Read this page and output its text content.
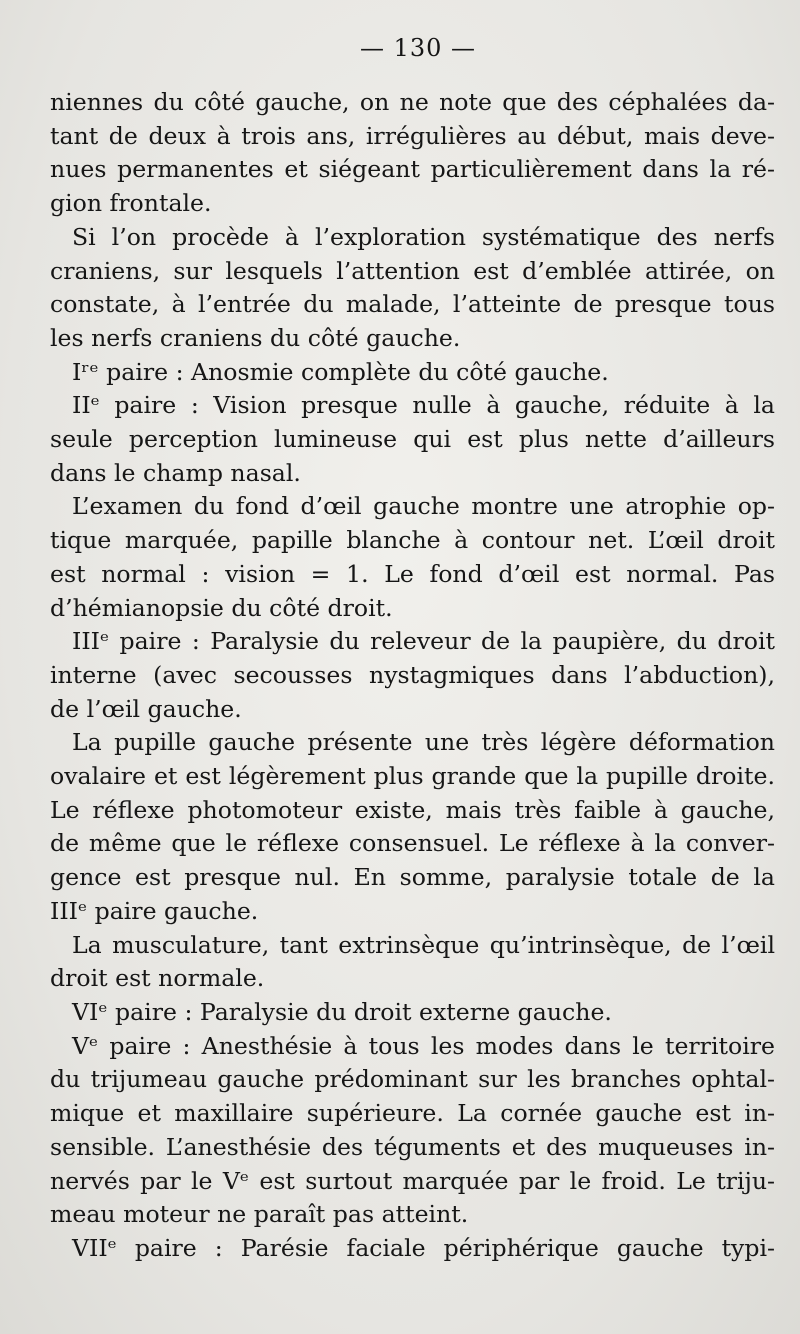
— 130 —
niennes du côté gauche, on ne note que des céphalées da-
tant de deux à trois ans, irrégulières au début, mais deve-
nues permanentes et siégeant particulièrement dans la ré-
gion frontale.
Si l’on procède à l’exploration systématique des nerfs
craniens, sur lesquels l’attention est d’emblée attirée, on
constate, à l’entrée du malade, l’atteinte de presque tous
les nerfs craniens du côté gauche.
Iʳᵉ paire : Anosmie complète du côté gauche.
IIᵉ paire : Vision presque nulle à gauche, réduite à la
seule perception lumineuse qui est plus nette d’ailleurs
dans le champ nasal.
L’examen du fond d’œil gauche montre une atrophie op-
tique marquée, papille blanche à contour net. L’œil droit
est normal : vision = 1. Le fond d’œil est normal. Pas
d’hémianopsie du côté droit.
IIIᵉ paire : Paralysie du releveur de la paupière, du droit
interne (avec secousses nystagmiques dans l’abduction),
de l’œil gauche.
La pupille gauche présente une très légère déformation
ovalaire et est légèrement plus grande que la pupille droite.
Le réflexe photomoteur existe, mais très faible à gauche,
de même que le réflexe consensuel. Le réflexe à la conver-
gence est presque nul. En somme, paralysie totale de la
IIIᵉ paire gauche.
La musculature, tant extrinsèque qu’intrinsèque, de l’œil
droit est normale.
VIᵉ paire : Paralysie du droit externe gauche.
Vᵉ paire : Anesthésie à tous les modes dans le territoire
du trijumeau gauche prédominant sur les branches ophtal-
mique et maxillaire supérieure. La cornée gauche est in-
sensible. L’anesthésie des téguments et des muqueuses in-
nervés par le Vᵉ est surtout marquée par le froid. Le triju-
meau moteur ne paraît pas atteint.
VIIᵉ paire : Parésie faciale périphérique gauche typi-
